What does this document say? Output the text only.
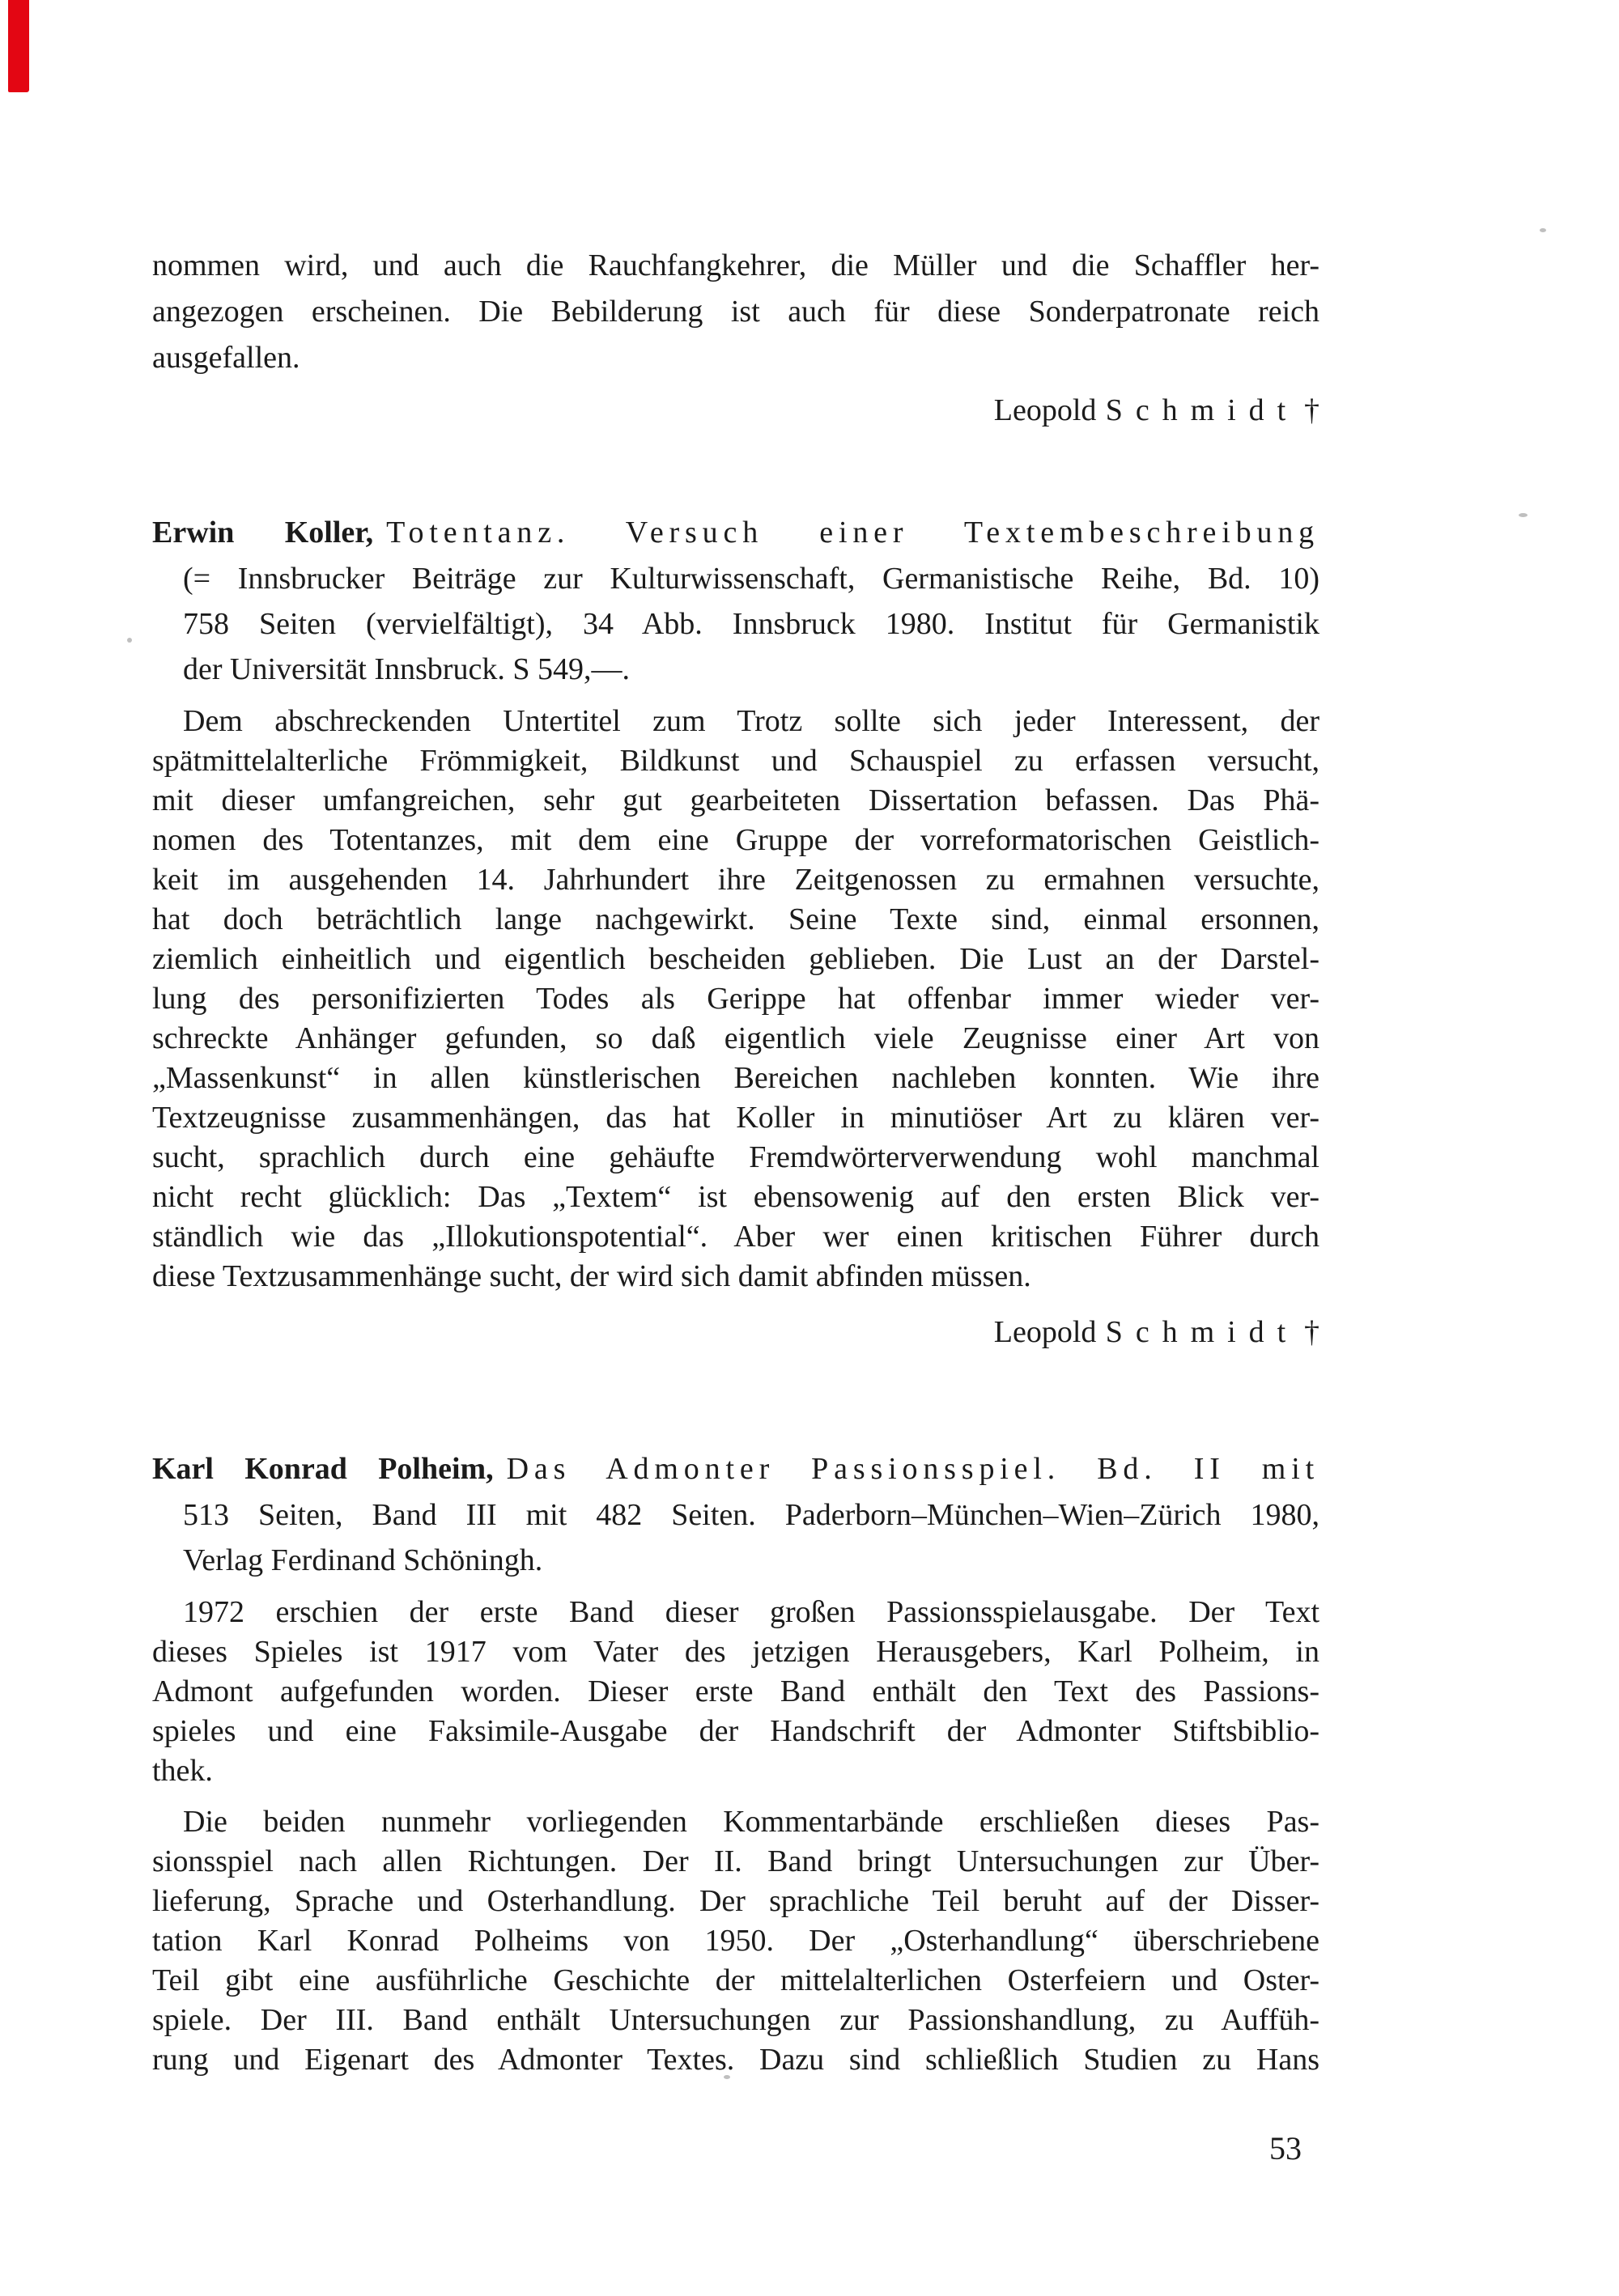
nommen wird, und auch die Rauchfangkehrer, die Müller und die Schaffler her-
angezogen erscheinen. Die Bebilderung ist auch für diese Sonderpatronate reich
ausgefallen.
Leopold Schmidt †
Erwin Koller, Totentanz. Versuch einer Textembeschreibung
(= Innsbrucker Beiträge zur Kulturwissenschaft, Germanistische Reihe, Bd. 10)
758 Seiten (vervielfältigt), 34 Abb. Innsbruck 1980. Institut für Germanistik
der Universität Innsbruck. S 549,—.
Dem abschreckenden Untertitel zum Trotz sollte sich jeder Interessent, der
spätmittelalterliche Frömmigkeit, Bildkunst und Schauspiel zu erfassen versucht,
mit dieser umfangreichen, sehr gut gearbeiteten Dissertation befassen. Das Phä-
nomen des Totentanzes, mit dem eine Gruppe der vorreformatorischen Geistlich-
keit im ausgehenden 14. Jahrhundert ihre Zeitgenossen zu ermahnen versuchte,
hat doch beträchtlich lange nachgewirkt. Seine Texte sind, einmal ersonnen,
ziemlich einheitlich und eigentlich bescheiden geblieben. Die Lust an der Darstel-
lung des personifizierten Todes als Gerippe hat offenbar immer wieder ver-
schreckte Anhänger gefunden, so daß eigentlich viele Zeugnisse einer Art von
„Massenkunst“ in allen künstlerischen Bereichen nachleben konnten. Wie ihre
Textzeugnisse zusammenhängen, das hat Koller in minutiöser Art zu klären ver-
sucht, sprachlich durch eine gehäufte Fremdwörterverwendung wohl manchmal
nicht recht glücklich: Das „Textem“ ist ebensowenig auf den ersten Blick ver-
ständlich wie das „Illokutionspotential“. Aber wer einen kritischen Führer durch
diese Textzusammenhänge sucht, der wird sich damit abfinden müssen.
Leopold Schmidt †
Karl Konrad Polheim, Das Admonter Passionsspiel. Bd. II mit
513 Seiten, Band III mit 482 Seiten. Paderborn–München–Wien–Zürich 1980,
Verlag Ferdinand Schöningh.
1972 erschien der erste Band dieser großen Passionsspielausgabe. Der Text
dieses Spieles ist 1917 vom Vater des jetzigen Herausgebers, Karl Polheim, in
Admont aufgefunden worden. Dieser erste Band enthält den Text des Passions-
spieles und eine Faksimile-Ausgabe der Handschrift der Admonter Stiftsbiblio-
thek.
Die beiden nunmehr vorliegenden Kommentarbände erschließen dieses Pas-
sionsspiel nach allen Richtungen. Der II. Band bringt Untersuchungen zur Über-
lieferung, Sprache und Osterhandlung. Der sprachliche Teil beruht auf der Disser-
tation Karl Konrad Polheims von 1950. Der „Osterhandlung“ überschriebene
Teil gibt eine ausführliche Geschichte der mittelalterlichen Osterfeiern und Oster-
spiele. Der III. Band enthält Untersuchungen zur Passionshandlung, zu Auffüh-
rung und Eigenart des Admonter Textes. Dazu sind schließlich Studien zu Hans
53
